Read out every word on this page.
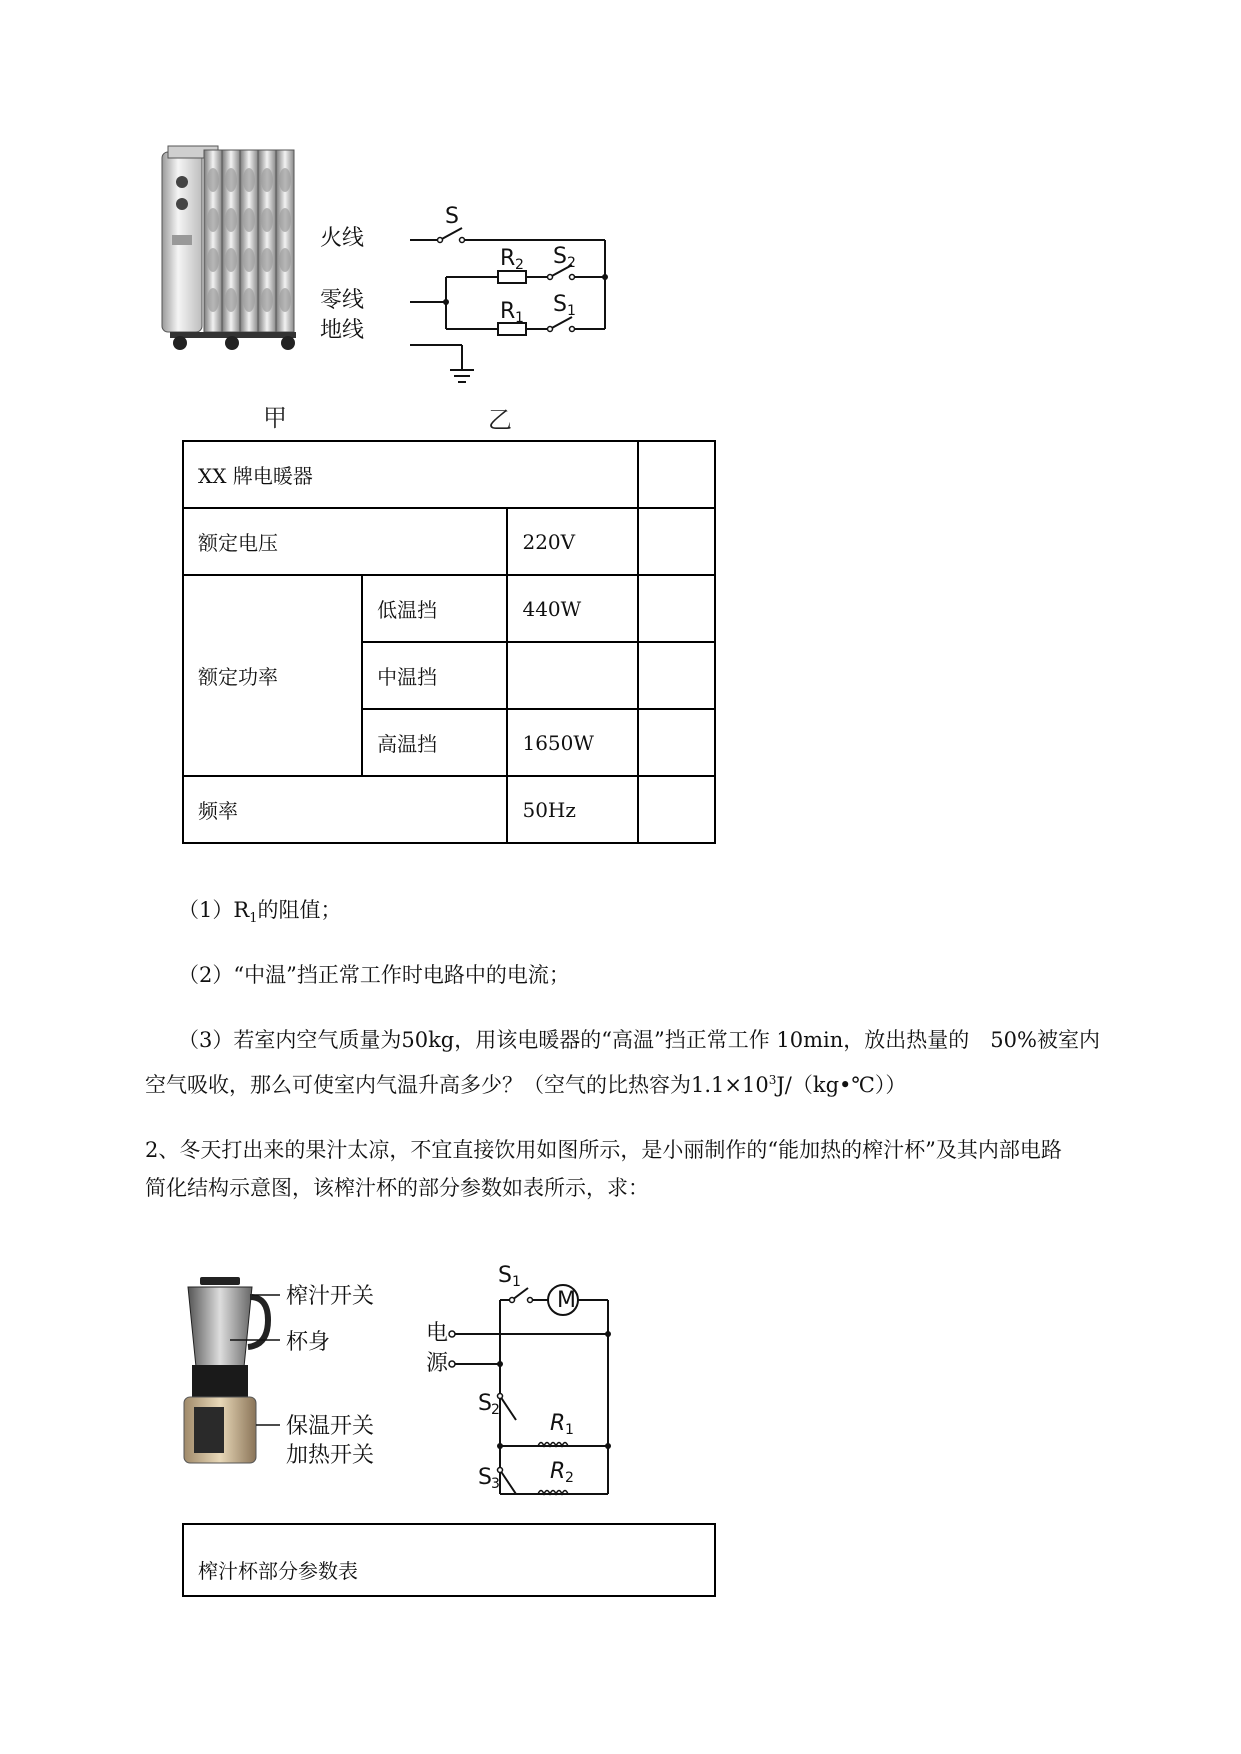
甲
火线
零线
地线
S
R 2 S 2
R 1
S 1
乙
XX 牌电暖器			
额定电压		220V	
额定功率	低温挡	440W	
	中温挡		
	高温挡	1650W	
频率		50Hz	
$(1)R_1$的阻值；
（2）“中温”挡正常工作时电路中的电流；
（3）若室内空气质量为50kg，用该电暖器的“高温”挡正常工作 10min，放出热量的　50%被室内
空气吸收，那么可使室内气温升高多少？（空气的比热容为$1.1\times 10^3J/(kg•℃)$）
2、冬天打出来的果汁太凉，不宜直接饮用如图所示，是小丽制作的“能加热的榨汁杯”及其内部电路
简化结构示意图，该榨汁杯的部分参数如表所示，求：
榨汁开关
杯身
保温开关
加热开关
M
电
源
S 1
S 2
S 3
R 1
R 2
榨汁杯部分参数表
